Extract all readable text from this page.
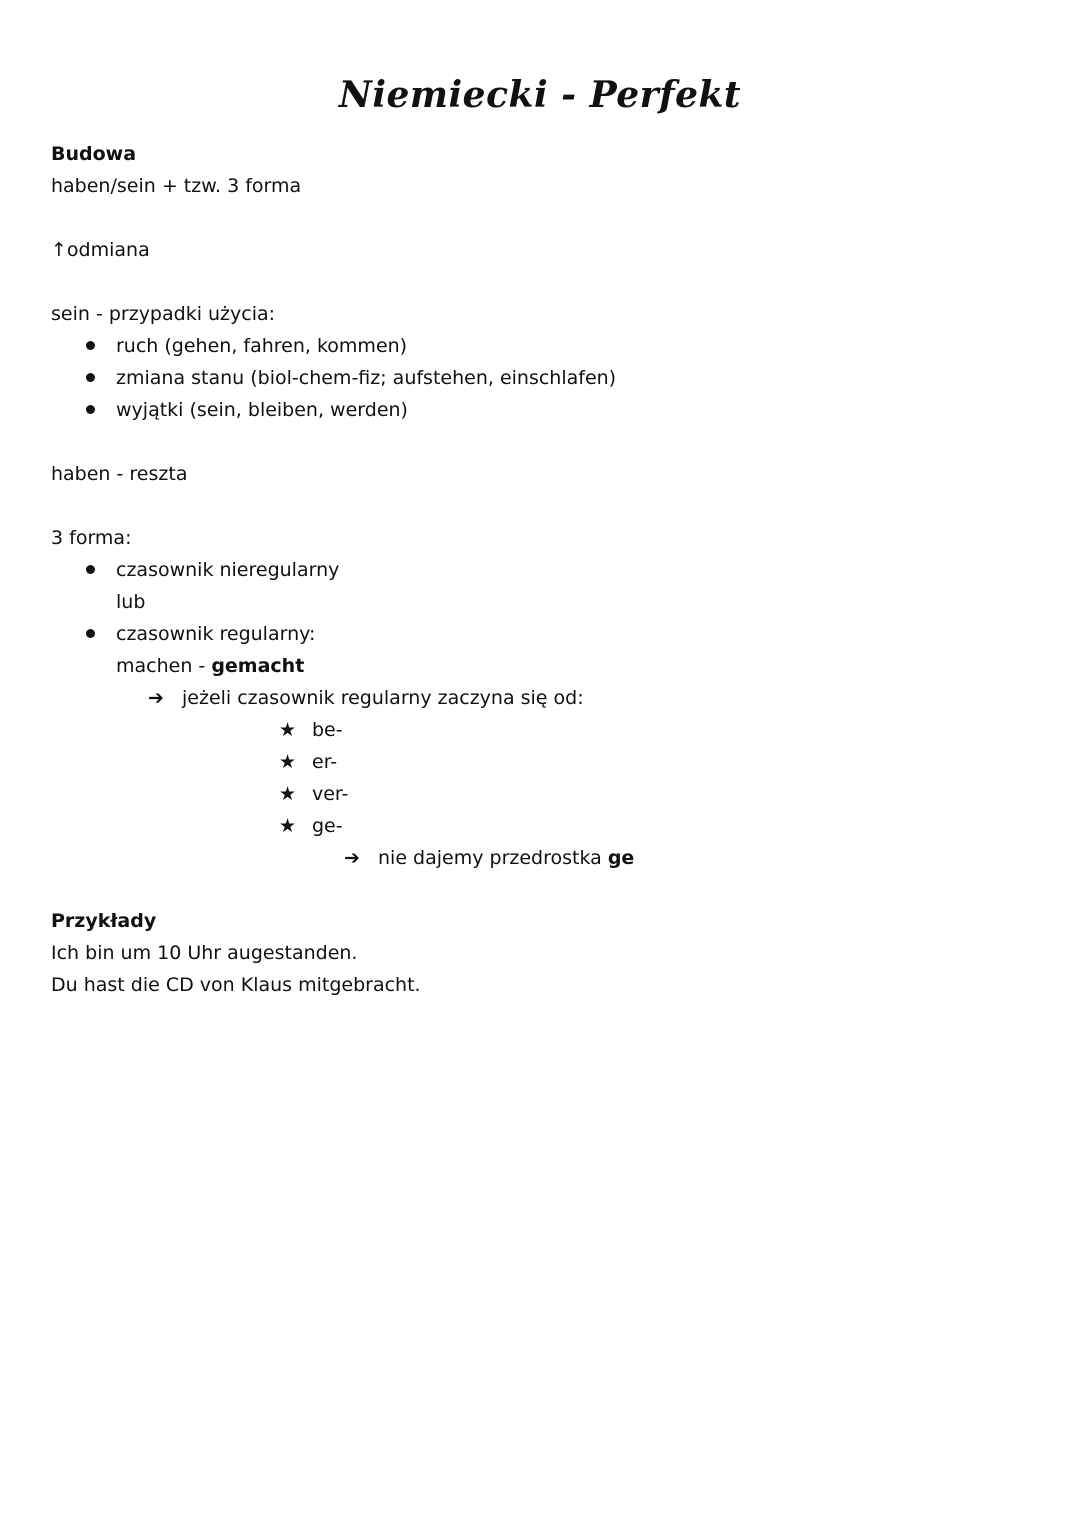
Niemiecki - Perfekt
Budowa
haben/sein + tzw. 3 forma
↑odmiana
sein - przypadki użycia:
ruch (gehen, fahren, kommen)
zmiana stanu (biol-chem-fiz; aufstehen, einschlafen)
wyjątki (sein, bleiben, werden)
haben - reszta
3 forma:
czasownik nieregularny
lub
czasownik regularny:
machen - gemacht
➔ jeżeli czasownik regularny zaczyna się od:
★ be-
★ er-
★ ver-
★ ge-
➔ nie dajemy przedrostka ge
Przykłady
Ich bin um 10 Uhr augestanden.
Du hast die CD von Klaus mitgebracht.
